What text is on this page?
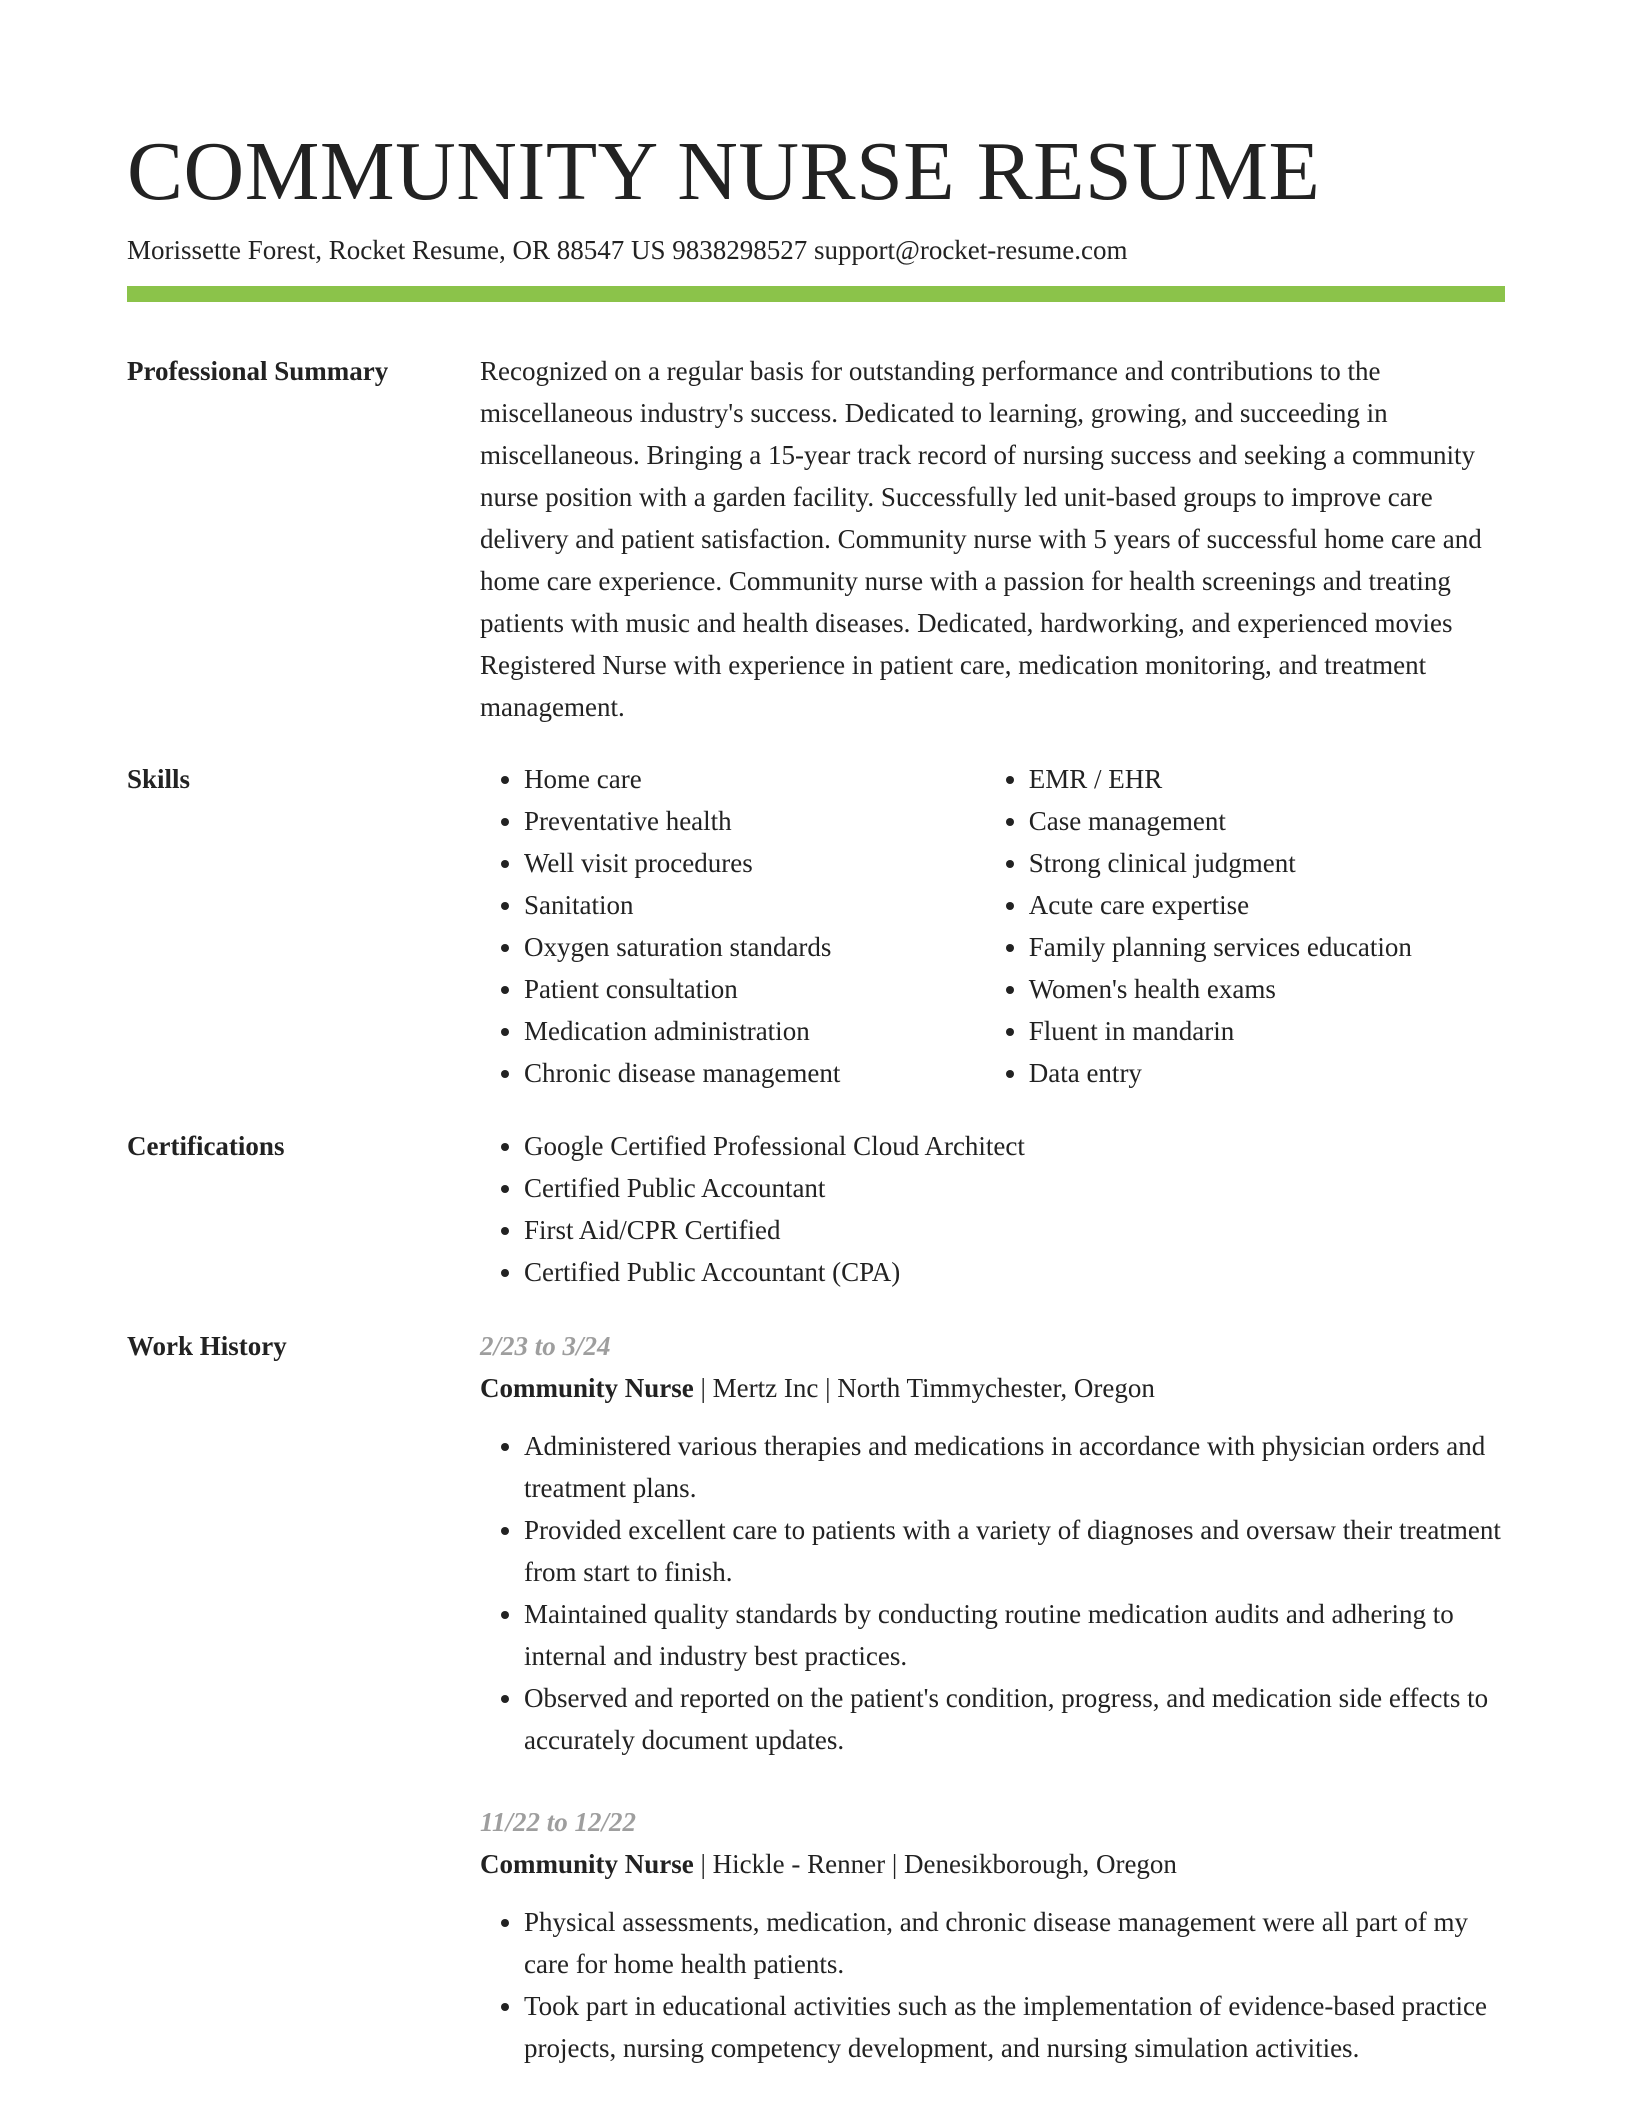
COMMUNITY NURSE RESUME
Morissette Forest, Rocket Resume, OR 88547 US 9838298527 support@rocket-resume.com
Professional Summary	Recognized on a regular basis for outstanding performance and contributions to the miscellaneous industry's success. Dedicated to learning, growing, and succeeding in miscellaneous. Bringing a 15-year track record of nursing success and seeking a community nurse position with a garden facility. Successfully led unit-based groups to improve care delivery and patient satisfaction. Community nurse with 5 years of successful home care and home care experience. Community nurse with a passion for health screenings and treating patients with music and health diseases. Dedicated, hardworking, and experienced movies Registered Nurse with experience in patient care, medication monitoring, and treatment management.

Skills	• Home care
• Preventative health
• Well visit procedures
• Sanitation
• Oxygen saturation standards
• Patient consultation
• Medication administration
• Chronic disease management
• EMR / EHR
• Case management
• Strong clinical judgment
• Acute care expertise
• Family planning services education
• Women's health exams
• Fluent in mandarin
• Data entry
Certifications	• Google Certified Professional Cloud Architect
• Certified Public Accountant
• First Aid/CPR Certified
• Certified Public Accountant (CPA)
Work History	2/23 to 3/24
Community Nurse | Mertz Inc | North Timmychester, Oregon
• Administered various therapies and medications in accordance with physician orders and treatment plans.
• Provided excellent care to patients with a variety of diagnoses and oversaw their treatment from start to finish.
• Maintained quality standards by conducting routine medication audits and adhering to internal and industry best practices.
• Observed and reported on the patient's condition, progress, and medication side effects to accurately document updates.
11/22 to 12/22
Community Nurse | Hickle - Renner | Denesikborough, Oregon
• Physical assessments, medication, and chronic disease management were all part of my care for home health patients.
• Took part in educational activities such as the implementation of evidence-based practice projects, nursing competency development, and nursing simulation activities.
